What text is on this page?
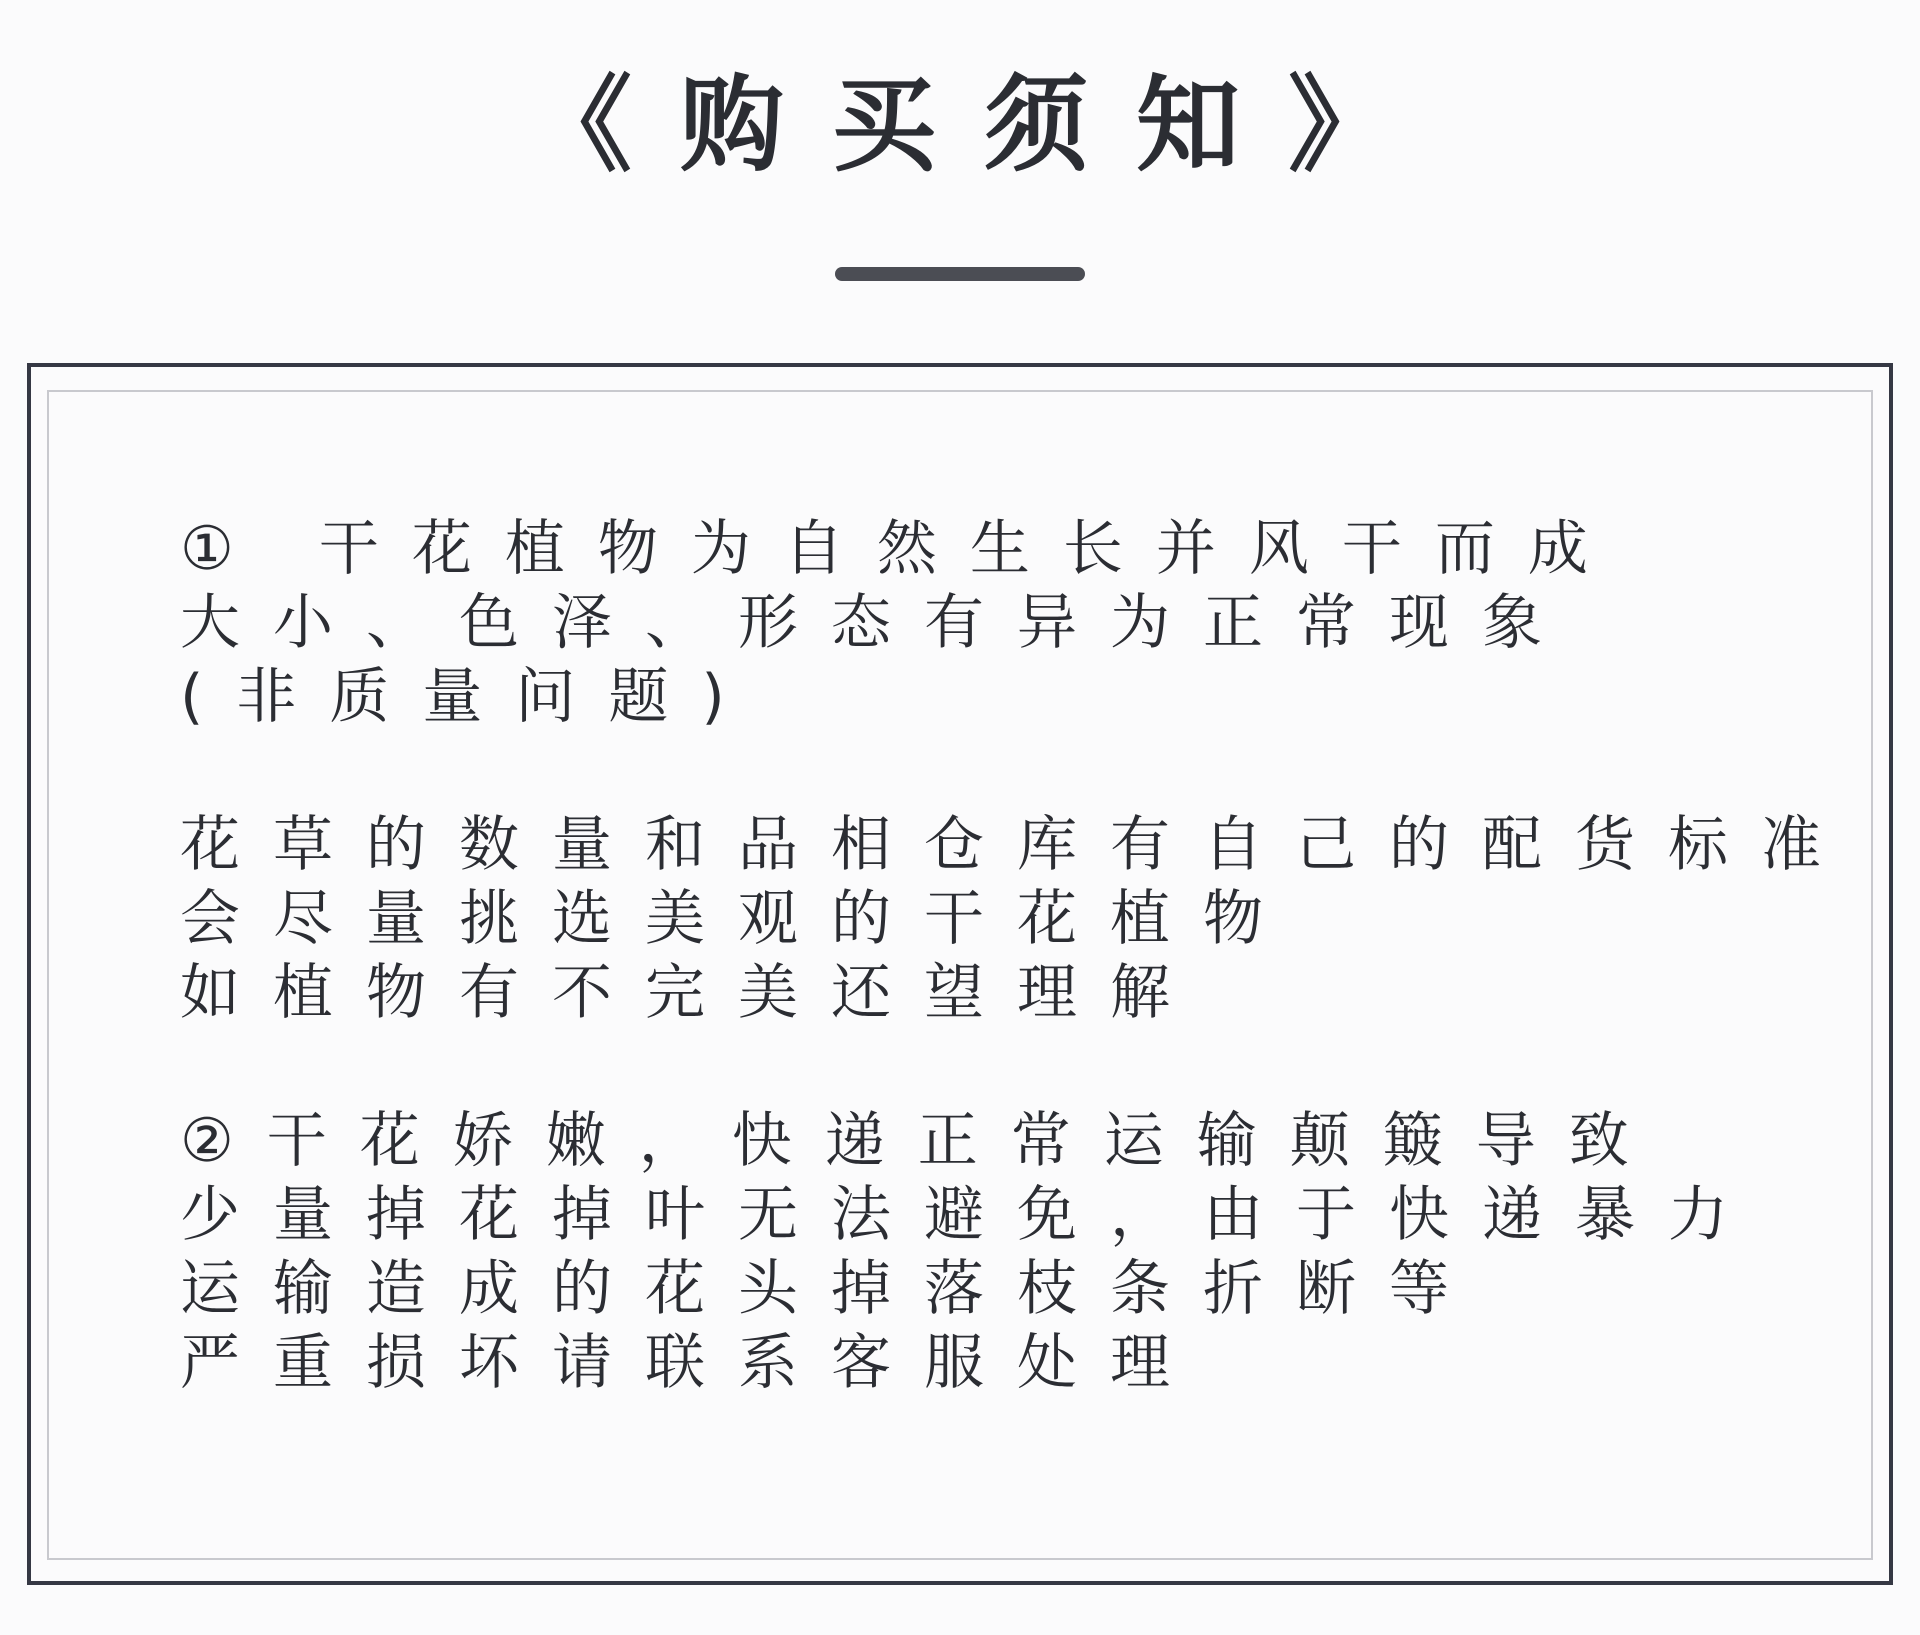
《购买须知》
① 干花植物为自然生长并风干而成
大小、色泽、形态有异为正常现象
(非质量问题)
花草的数量和品相仓库有自己的配货标准
会尽量挑选美观的干花植物
如植物有不完美还望理解
②干花娇嫩，快递正常运输颠簸导致
少量掉花掉叶无法避免，由于快递暴力
运输造成的花头掉落枝条折断等
严重损坏请联系客服处理
